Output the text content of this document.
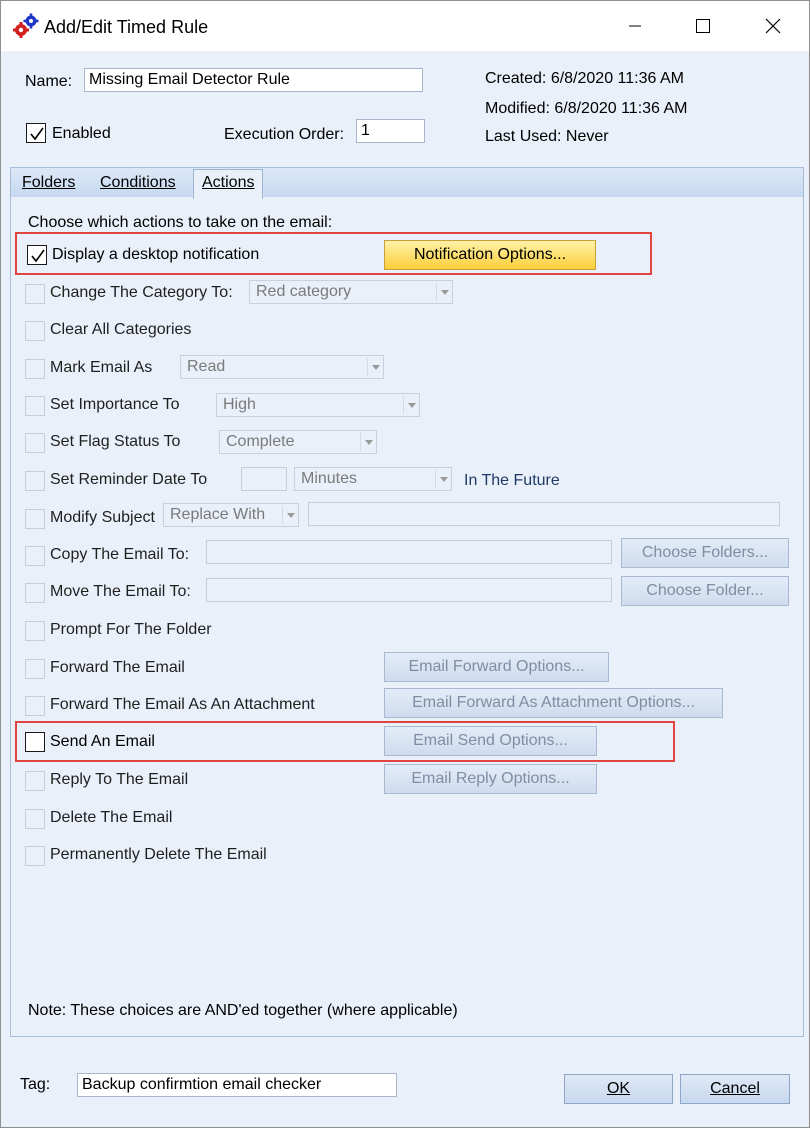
Add/Edit Timed Rule
Name:	Missing Email Detector Rule
Enabled	Execution Order:	1
Created: 6/8/2020 11:36 AM
Modified: 6/8/2020 11:36 AM
Last Used: Never
Folders Conditions	Actions
Choose which actions to take on the email:
Display a desktop notification	Notification Options...
Change The Category To:	Red category
Clear All Categories
Mark Email As	Read
Set Importance To	High
Set Flag Status To	Complete
Set Reminder Date To	Minutes	In The Future
Modify Subject Replace With
Copy The Email To:	Choose Folders...
Move The Email To:	Choose Folder...
Prompt For The Folder
Forward The Email	Email Forward Options...
Forward The Email As An Attachment	Email Forward As Attachment Options...
Send An Email	Email Send Options...
Reply To The Email	Email Reply Options...
Delete The Email
Permanently Delete The Email
Note: These choices are AND'ed together (where applicable)
Tag:	Backup confirmtion email checker	OK	Cancel
